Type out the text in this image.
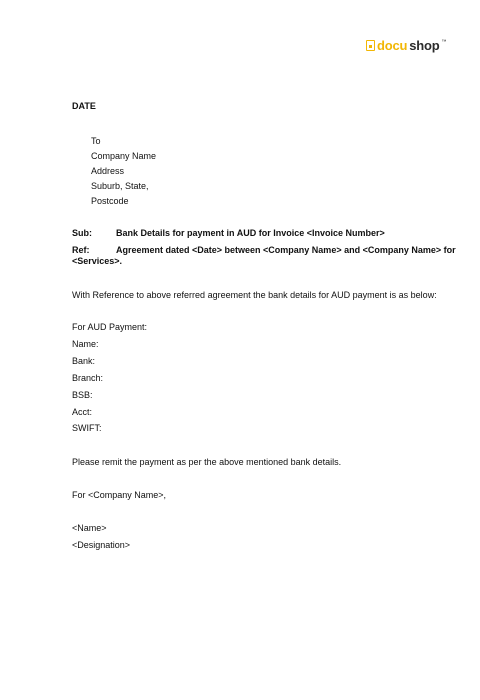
docu shop ™
DATE
To
Company Name
Address
Suburb, State,
Postcode
Sub:	Bank Details for payment in AUD for Invoice <Invoice Number>
Ref:	Agreement dated <Date> between <Company Name> and <Company Name> for
<Services>.
With Reference to above referred agreement the bank details for AUD payment is as below:
For AUD Payment:
Name:
Bank:
Branch:
BSB:
Acct:
SWIFT:
Please remit the payment as per the above mentioned bank details.
For <Company Name>,
<Name>
<Designation>
